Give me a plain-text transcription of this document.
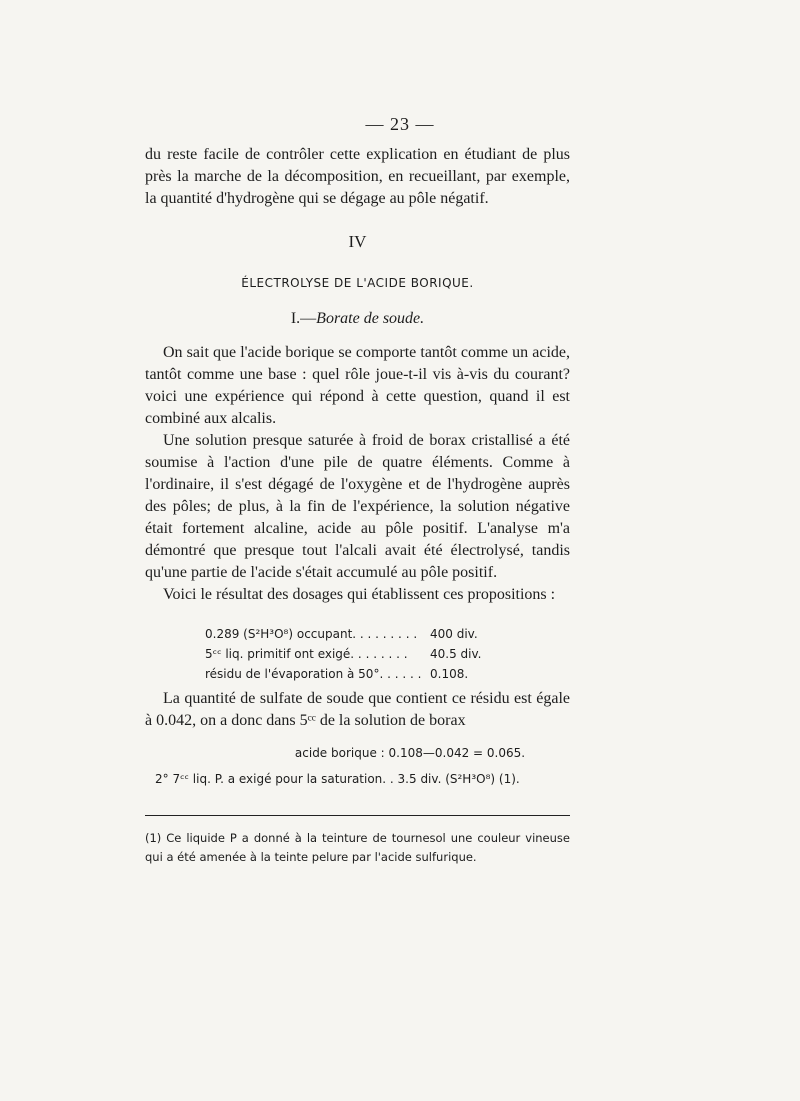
— 23 —

du reste facile de contrôler cette explication en étudiant de plus près la marche de la décomposition, en recueillant, par exemple, la quantité d'hydrogène qui se dégage au pôle négatif.

IV
ÉLECTROLYSE DE L'ACIDE BORIQUE.
I.—Borate de soude.

On sait que l'acide borique se comporte tantôt comme un acide, tantôt comme une base : quel rôle joue-t-il vis à-vis du courant? voici une expérience qui répond à cette question, quand il est combiné aux alcalis.

Une solution presque saturée à froid de borax cristallisé a été soumise à l'action d'une pile de quatre éléments. Comme à l'ordinaire, il s'est dégagé de l'oxygène et de l'hydrogène auprès des pôles; de plus, à la fin de l'expérience, la solution négative était fortement alcaline, acide au pôle positif. L'analyse m'a démontré que presque tout l'alcali avait été électrolysé, tandis qu'une partie de l'acide s'était accumulé au pôle positif.

Voici le résultat des dosages qui établissent ces propositions :

0.289 (S²H³O⁸) occupant. . . . . . . . .	400 div.
5ᶜᶜ liq. primitif ont exigé. . . . . . . .	40.5 div.
résidu de l'évaporation à 50°. . . . . . 0.108.

La quantité de sulfate de soude que contient ce résidu est égale à 0.042, on a donc dans 5ᶜᶜ de la solution de borax

acide borique : 0.108—0.042 = 0.065.
2° 7ᶜᶜ liq. P. a exigé pour la saturation. . 3.5 div. (S²H³O⁸) (1).
(1) Ce liquide P a donné à la teinture de tournesol une couleur vineuse qui a été amenée à la teinte pelure par l'acide sulfurique.
